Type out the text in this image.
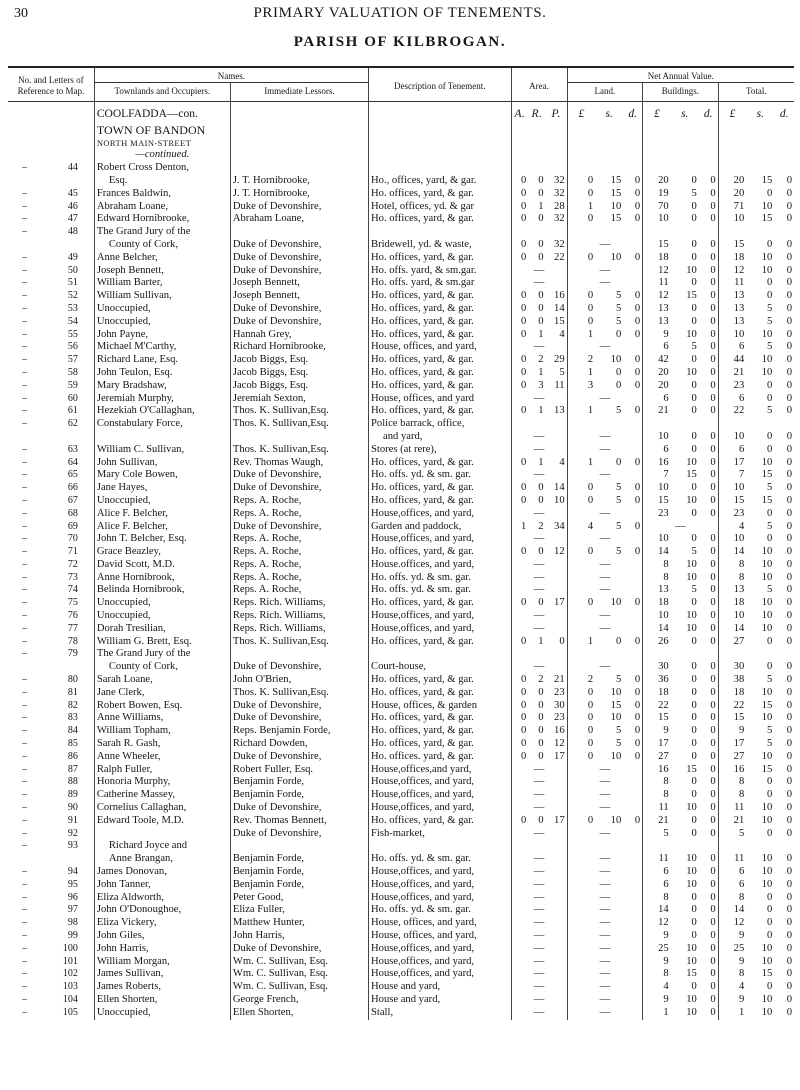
30	PRIMARY VALUATION OF TENEMENTS.
PARISH OF KILBROGAN.
No. and Letters of Reference to Map.	Names.		Description of Tenement.	Area.			Net Annual Value.								
	Townlands and Occupiers.	Immediate Lessors.					Land.			Buildings.			Total.		
	COOLFADDA—con.			A.	R.	P.	£	s.	d.	£	s.	d.	£	s.	d.
	TOWN OF BANDON														
	NORTH MAIN-STREET														
	—continued.														

– 44	Robert Cross Denton,														
	Esq.	J. T. Hornibrooke,	Ho., offices, yard, & gar.	0	0	32	0	15	0	20	0	0	20	15	0

– 45	Frances Baldwin,	J. T. Hornibrooke,	Ho. offices, yard, & gar.	0	0	32	0	15	0	19	5	0	20	0	0

– 46	Abraham Loane,	Duke of Devonshire,	Hotel, offices, yd. & gar	0	1	28	1	10	0	70	0	0	71	10	0

– 47	Edward Hornibrooke,	Abraham Loane,	Ho. offices, yard, & gar.	0	0	32	0	15	0	10	0	0	10	15	0

– 48	The Grand Jury of the														
	County of Cork,	Duke of Devonshire,	Bridewell, yd. & waste,	0	0	32	—			15	0	0	15	0	0

– 49	Anne Belcher,	Duke of Devonshire,	Ho. offices, yard, & gar.	0	0	22	0	10	0	18	0	0	18	10	0

– 50	Joseph Bennett,	Duke of Devonshire,	Ho. offs. yard, & sm.gar.	—			—			12	10	0	12	10	0

– 51	William Barter,	Joseph Bennett,	Ho. offs. yard, & sm.gar	—			—			11	0	0	11	0	0

– 52	William Sullivan,	Joseph Bennett,	Ho. offices, yard, & gar.	0	0	16	0	5	0	12	15	0	13	0	0

– 53	Unoccupied,	Duke of Devonshire,	Ho. offices, yard, & gar.	0	0	14	0	5	0	13	0	0	13	5	0

– 54	Unoccupied,	Duke of Devonshire,	Ho. offices, yard, & gar.	0	0	15	0	5	0	13	0	0	13	5	0

– 55	John Payne,	Hannah Grey,	Ho. offices, yard, & gar.	0	1	4	1	0	0	9	10	0	10	10	0

– 56	Michael M'Carthy,	Richard Hornibrooke,	House, offices, and yard,	—			—			6	5	0	6	5	0

– 57	Richard Lane, Esq.	Jacob Biggs, Esq.	Ho. offices, yard, & gar.	0	2	29	2	10	0	42	0	0	44	10	0

– 58	John Teulon, Esq.	Jacob Biggs, Esq.	Ho. offices, yard, & gar.	0	1	5	1	0	0	20	10	0	21	10	0

– 59	Mary Bradshaw,	Jacob Biggs, Esq.	Ho. offices, yard, & gar.	0	3	11	3	0	0	20	0	0	23	0	0

– 60	Jeremiah Murphy,	Jeremiah Sexton,	House, offices, and yard	—			—			6	0	0	6	0	0

– 61	Hezekiah O'Callaghan,	Thos. K. Sullivan,Esq.	Ho. offices, yard, & gar.	0	1	13	1	5	0	21	0	0	22	5	0

– 62	Constabulary Force,	Thos. K. Sullivan,Esq.	Police barrack, office,												
			and yard,	—			—			10	0	0	10	0	0

– 63	William C. Sullivan,	Thos. K. Sullivan,Esq.	Stores (at rere),	—			—			6	0	0	6	0	0

– 64	John Sullivan,	Rev. Thomas Waugh,	Ho. offices, yard, & gar.	0	1	4	1	0	0	16	10	0	17	10	0

– 65	Mary Cole Bowen,	Duke of Devonshire,	Ho. offs. yd. & sm. gar.	—			—			7	15	0	7	15	0

– 66	Jane Hayes,	Duke of Devonshire,	Ho. offices, yard, & gar.	0	0	14	0	5	0	10	0	0	10	5	0

– 67	Unoccupied,	Reps. A. Roche,	Ho. offices, yard, & gar.	0	0	10	0	5	0	15	10	0	15	15	0

– 68	Alice F. Belcher,	Reps. A. Roche,	House,offices, and yard,	—			—			23	0	0	23	0	0

– 69	Alice F. Belcher,	Duke of Devonshire,	Garden and paddock,	1	2	34	4	5	0	—			4	5	0

– 70	John T. Belcher, Esq.	Reps. A. Roche,	House,offices, and yard,	—			—			10	0	0	10	0	0

– 71	Grace Beazley,	Reps. A. Roche,	Ho. offices, yard, & gar.	0	0	12	0	5	0	14	5	0	14	10	0

– 72	David Scott, M.D.	Reps. A. Roche,	House.offices, and yard,	—			—			8	10	0	8	10	0

– 73	Anne Hornibrook,	Reps. A. Roche,	Ho. offs. yd. & sm. gar.	—			—			8	10	0	8	10	0

– 74	Belinda Hornibrook,	Reps. A. Roche,	Ho. offs. yd. & sm. gar.	—			—			13	5	0	13	5	0

– 75	Unoccupied,	Reps. Rich. Williams,	Ho. offices, yard, & gar.	0	0	17	0	10	0	18	0	0	18	10	0

– 76	Unoccupied,	Reps. Rich. Williams,	House,offices, and yard,	—			—			10	10	0	10	10	0

– 77	Dorah Tresilian,	Reps. Rich. Williams,	House,offices, and yard,	—			—			14	10	0	14	10	0

– 78	William G. Brett, Esq.	Thos. K. Sullivan,Esq.	Ho. offices, yard, & gar.	0	1	0	1	0	0	26	0	0	27	0	0

– 79	The Grand Jury of the														
	County of Cork,	Duke of Devonshire,	Court-house,	—			—			30	0	0	30	0	0

– 80	Sarah Loane,	John O'Brien,	Ho. offices, yard, & gar.	0	2	21	2	5	0	36	0	0	38	5	0

– 81	Jane Clerk,	Thos. K. Sullivan,Esq.	Ho. offices, yard, & gar.	0	0	23	0	10	0	18	0	0	18	10	0

– 82	Robert Bowen, Esq.	Duke of Devonshire,	House, offices, & garden	0	0	30	0	15	0	22	0	0	22	15	0

– 83	Anne Williams,	Duke of Devonshire,	Ho. offices, yard, & gar.	0	0	23	0	10	0	15	0	0	15	10	0

– 84	William Topham,	Reps. Benjamin Forde,	Ho. offices, yard, & gar.	0	0	16	0	5	0	9	0	0	9	5	0

– 85	Sarah R. Gash,	Richard Dowden,	Ho. offices, yard, & gar.	0	0	12	0	5	0	17	0	0	17	5	0

– 86	Anne Wheeler,	Duke of Devonshire,	Ho. offices. yard, & gar.	0	0	17	0	10	0	27	0	0	27	10	0

– 87	Ralph Fuller,	Robert Fuller, Esq.	House,offices,and yard,	—			—			16	15	0	16	15	0

– 88	Honoria Murphy,	Benjamin Forde,	House,offices, and yard,	—			—			8	0	0	8	0	0

– 89	Catherine Massey,	Benjamin Forde,	House,offices, and yard,	—			—			8	0	0	8	0	0

– 90	Cornelius Callaghan,	Duke of Devonshire,	House,offices, and yard,	—			—			11	10	0	11	10	0

– 91	Edward Toole, M.D.	Rev. Thomas Bennett,	Ho. offices, yard, & gar.	0	0	17	0	10	0	21	0	0	21	10	0

– 92		Duke of Devonshire,	Fish-market,	—			—			5	0	0	5	0	0

– 93	Richard Joyce and														
	Anne Brangan,	Benjamin Forde,	Ho. offs. yd. & sm. gar.	—			—			11	10	0	11	10	0

– 94	James Donovan,	Benjamin Forde,	House,offices, and yard,	—			—			6	10	0	6	10	0

– 95	John Tanner,	Benjamin Forde,	House,offices, and yard,	—			—			6	10	0	6	10	0

– 96	Eliza Aldworth,	Peter Good,	House,offices, and yard,	—			—			8	0	0	8	0	0

– 97	John O'Donoughoe,	Eliza Fuller,	Ho. offs. yd. & sm. gar.	—			—			14	0	0	14	0	0

– 98	Eliza Vickery,	Matthew Hunter,	House, offices, and yard,	—			—			12	0	0	12	0	0

– 99	John Giles,	John Harris,	House, offices, and yard,	—			—			9	0	0	9	0	0

– 100	John Harris,	Duke of Devonshire,	House,offices, and yard,	—			—			25	10	0	25	10	0

– 101	William Morgan,	Wm. C. Sullivan, Esq.	House,offices, and yard,	—			—			9	10	0	9	10	0

– 102	James Sullivan,	Wm. C. Sullivan, Esq.	House,offices, and yard,	—			—			8	15	0	8	15	0

– 103	James Roberts,	Wm. C. Sullivan, Esq.	House and yard,	—			—			4	0	0	4	0	0

– 104	Ellen Shorten,	George French,	House and yard,	—			—			9	10	0	9	10	0

– 105	Unoccupied,	Ellen Shorten,	Stall,	—			—			1	10	0	1	10	0
